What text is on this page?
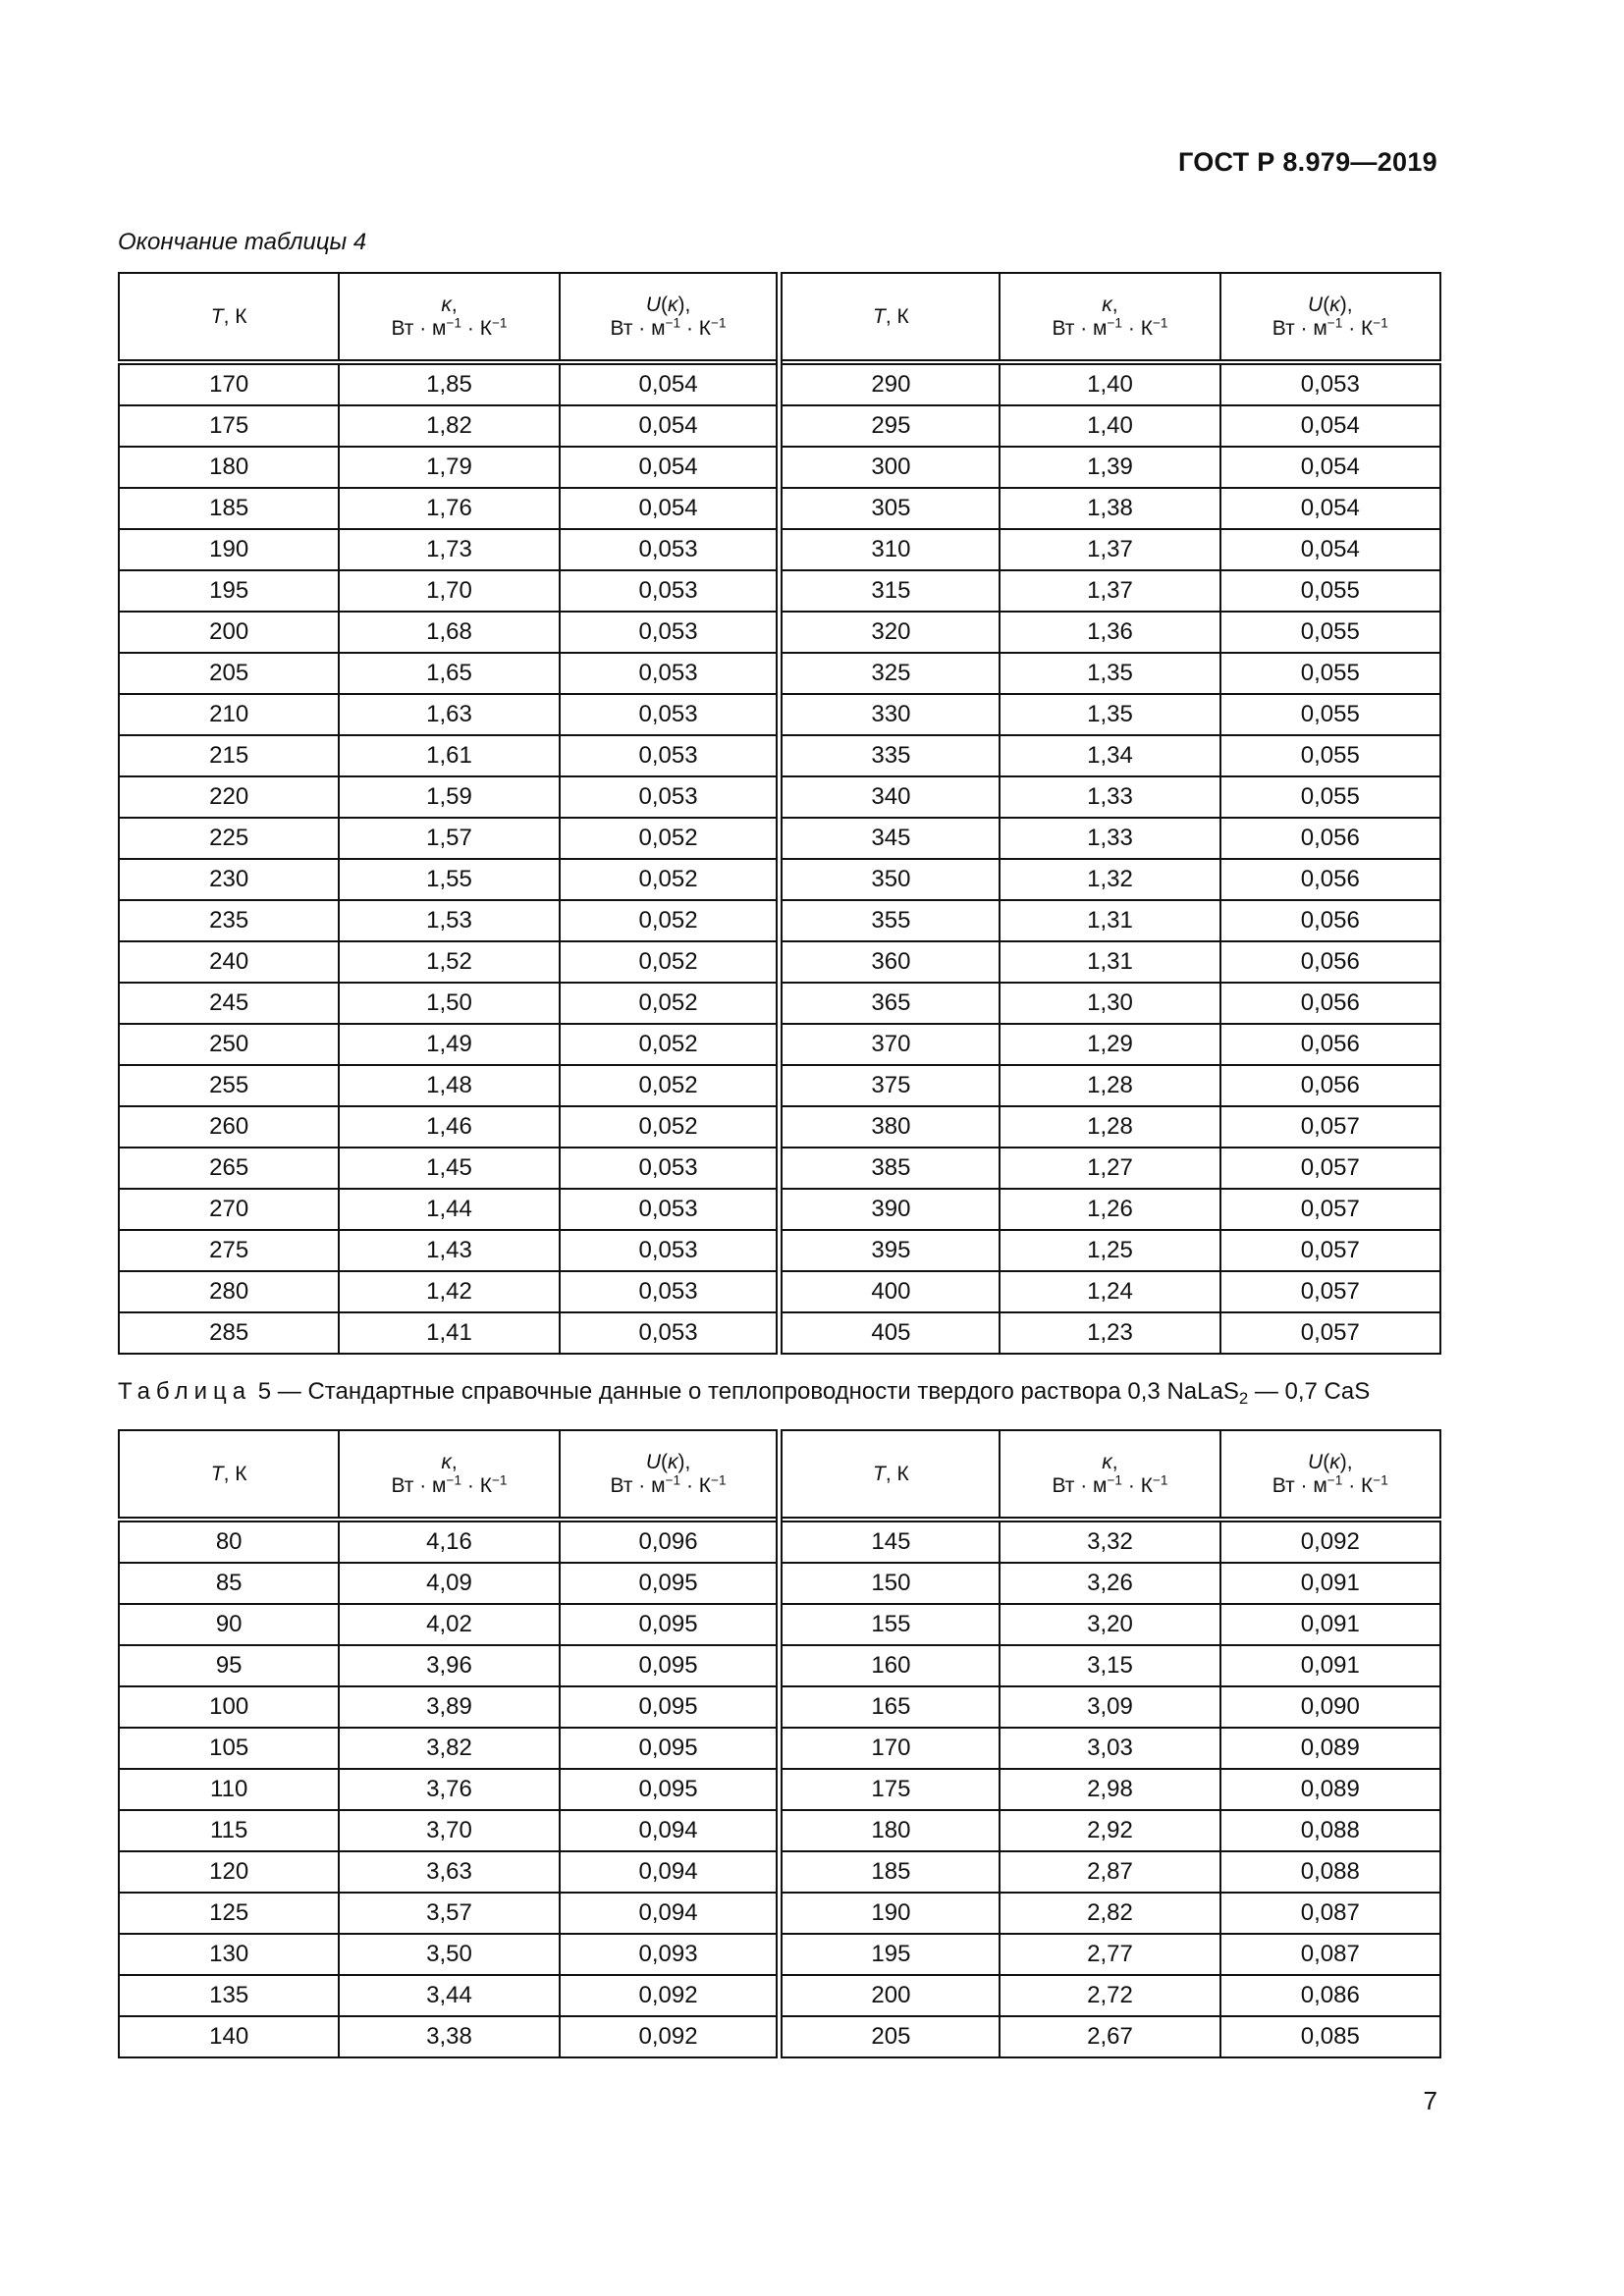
ГОСТ Р 8.979—2019
Окончание таблицы 4
T, К	κ,
Вт · $м^{-1} \cdot К^{-1}$	U(κ),
Вт · $м^{-1} \cdot К^{-1}$	T, К	κ,
Вт · $м^{-1} \cdot К^{-1}$	U(κ),
Вт · $м^{-1} \cdot К^{-1}$
170	1,85	0,054	290	1,40	0,053
175	1,82	0,054	295	1,40	0,054
180	1,79	0,054	300	1,39	0,054
185	1,76	0,054	305	1,38	0,054
190	1,73	0,053	310	1,37	0,054
195	1,70	0,053	315	1,37	0,055
200	1,68	0,053	320	1,36	0,055
205	1,65	0,053	325	1,35	0,055
210	1,63	0,053	330	1,35	0,055
215	1,61	0,053	335	1,34	0,055
220	1,59	0,053	340	1,33	0,055
225	1,57	0,052	345	1,33	0,056
230	1,55	0,052	350	1,32	0,056
235	1,53	0,052	355	1,31	0,056
240	1,52	0,052	360	1,31	0,056
245	1,50	0,052	365	1,30	0,056
250	1,49	0,052	370	1,29	0,056
255	1,48	0,052	375	1,28	0,056
260	1,46	0,052	380	1,28	0,057
265	1,45	0,053	385	1,27	0,057
270	1,44	0,053	390	1,26	0,057
275	1,43	0,053	395	1,25	0,057
280	1,42	0,053	400	1,24	0,057
285	1,41	0,053	405	1,23	0,057
Таблица 5 — Стандартные справочные данные о теплопроводности твердого раствора 0,3 NaLaS$_2$ — 0,7 CaS
T, К	κ,
Вт · $м^{-1} \cdot К^{-1}$	U(κ),
Вт · $м^{-1} \cdot К^{-1}$	T, К	κ,
Вт · $м^{-1} \cdot К^{-1}$	U(κ),
Вт · $м^{-1} \cdot К^{-1}$
80	4,16	0,096	145	3,32	0,092
85	4,09	0,095	150	3,26	0,091
90	4,02	0,095	155	3,20	0,091
95	3,96	0,095	160	3,15	0,091
100	3,89	0,095	165	3,09	0,090
105	3,82	0,095	170	3,03	0,089
110	3,76	0,095	175	2,98	0,089
115	3,70	0,094	180	2,92	0,088
120	3,63	0,094	185	2,87	0,088
125	3,57	0,094	190	2,82	0,087
130	3,50	0,093	195	2,77	0,087
135	3,44	0,092	200	2,72	0,086
140	3,38	0,092	205	2,67	0,085
7
